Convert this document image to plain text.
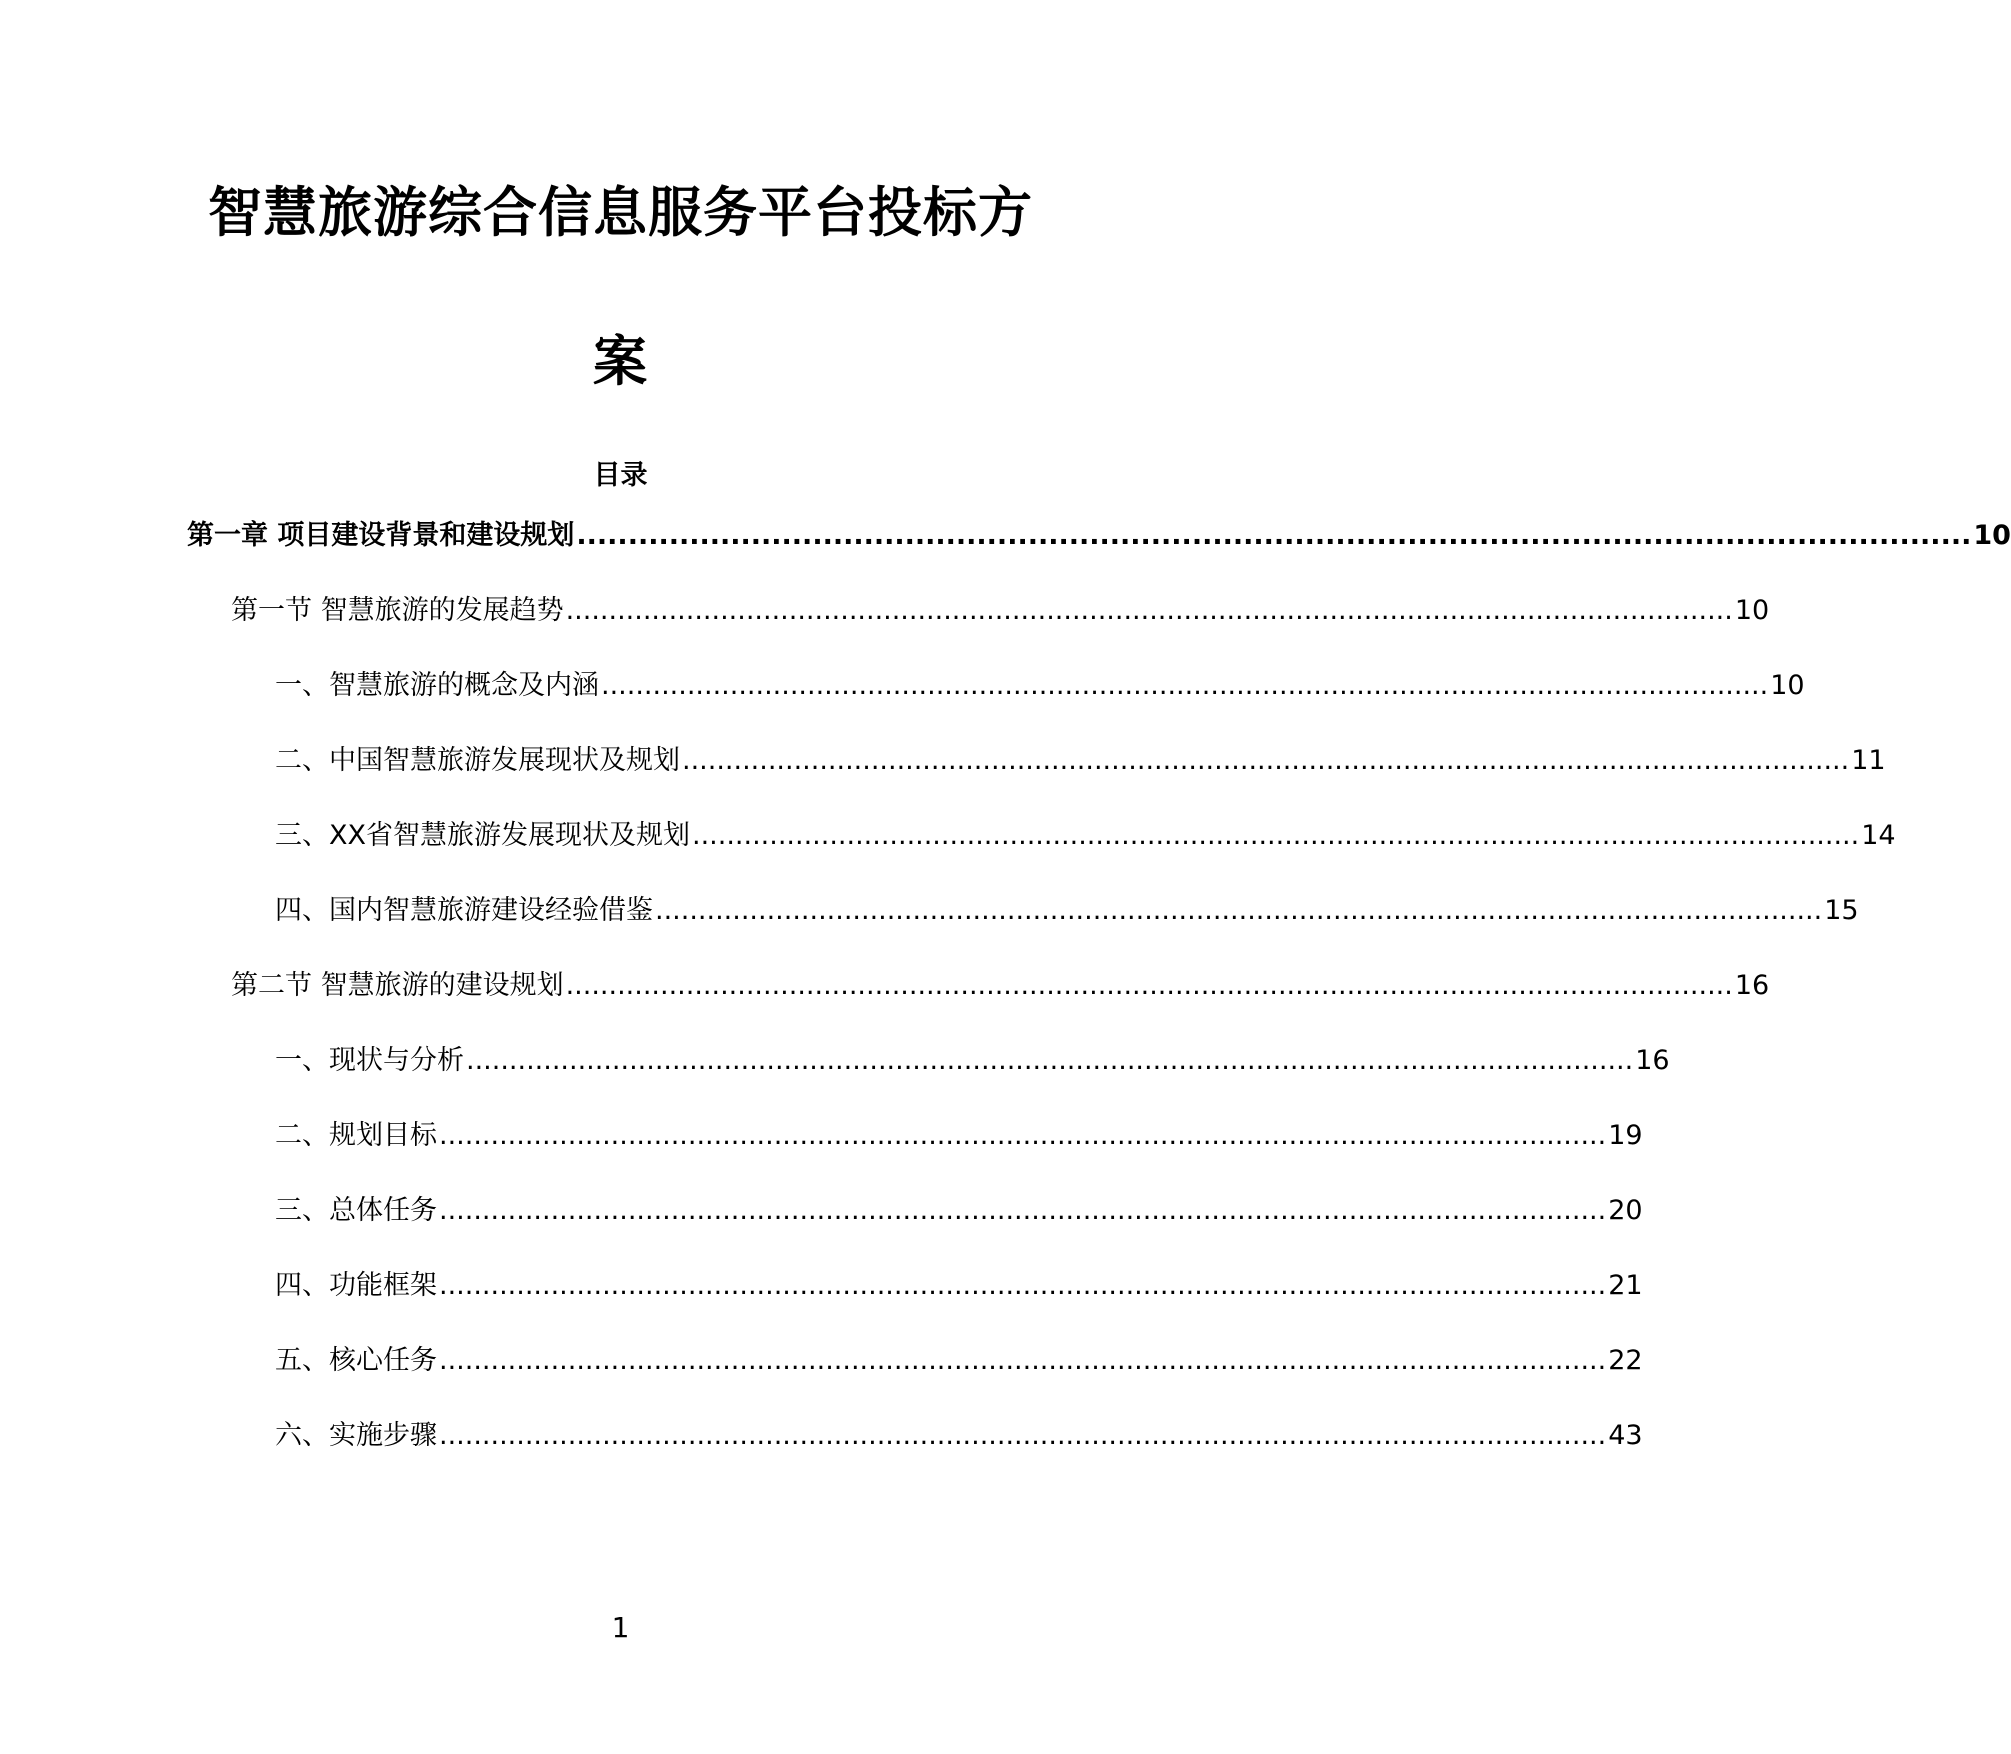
智慧旅游综合信息服务平台投标方
案
目录
第一章 项目建设背景和建设规划 ........................................................................................................................................ 10
第一节 智慧旅游的发展趋势 ........................................................................................................................................ 10
一、智慧旅游的概念及内涵 ........................................................................................................................................ 10
二、中国智慧旅游发展现状及规划 ........................................................................................................................................ 11
三、XX省智慧旅游发展现状及规划 ........................................................................................................................................ 14
四、国内智慧旅游建设经验借鉴 ........................................................................................................................................ 15
第二节 智慧旅游的建设规划 ........................................................................................................................................ 16
一、现状与分析 ........................................................................................................................................ 16
二、规划目标 ........................................................................................................................................ 19
三、总体任务 ........................................................................................................................................ 20
四、功能框架 ........................................................................................................................................ 21
五、核心任务 ........................................................................................................................................ 22
六、实施步骤 ........................................................................................................................................ 43
1
